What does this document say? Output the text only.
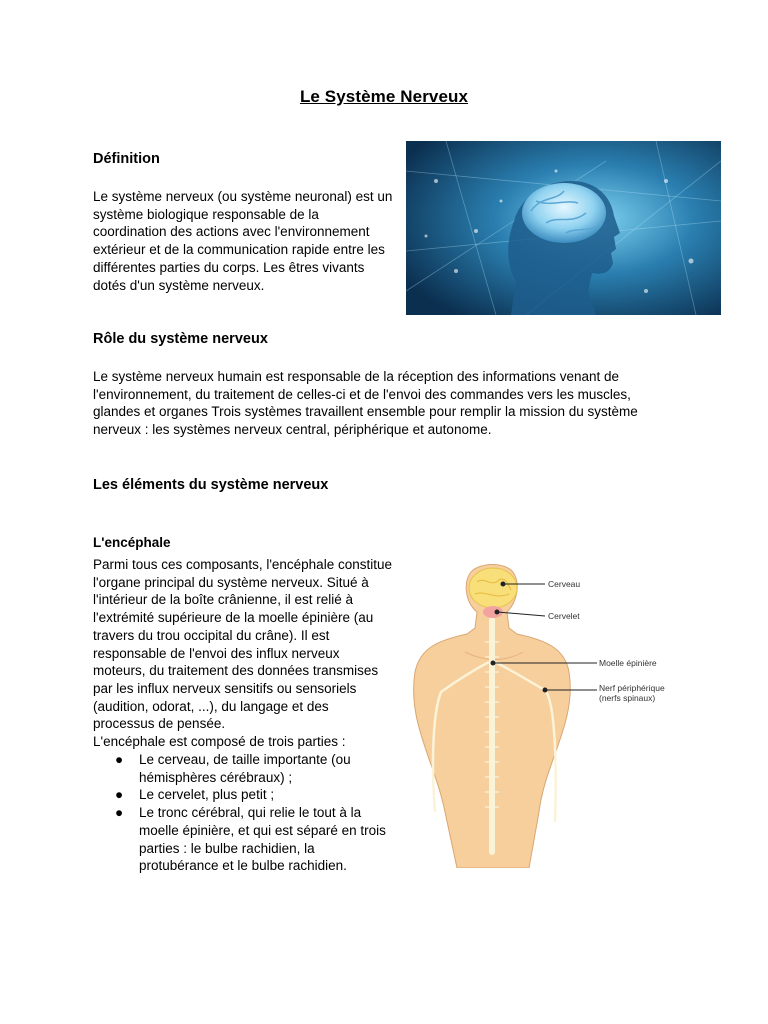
Le Système Nerveux
Définition

Le système nerveux (ou système neuronal) est un système biologique responsable de la coordination des actions avec l'environnement extérieur et de la communication rapide entre les différentes parties du corps. Les êtres vivants dotés d'un système nerveux.

Rôle du système nerveux

Le système nerveux humain est responsable de la réception des informations venant de l'environnement, du traitement de celles-ci et de l'envoi des commandes vers les muscles, glandes et organes Trois systèmes travaillent ensemble pour remplir la mission du système nerveux : les systèmes nerveux central, périphérique et autonome.

Les éléments du système nerveux
L'encéphale

Parmi tous ces composants, l'encéphale constitue l'organe principal du système nerveux. Situé à l'intérieur de la boîte crânienne, il est relié à l'extrémité supérieure de la moelle épinière (au travers du trou occipital du crâne). Il est responsable de l'envoi des influx nerveux moteurs, du traitement des données transmises par les influx nerveux sensitifs ou sensoriels (audition, odorat, ...), du langage et des processus de pensée.

L'encéphale est composé de trois parties :

● Le cerveau, de taille importante (ou hémisphères cérébraux) ;
● Le cervelet, plus petit ;
● Le tronc cérébral, qui relie le tout à la moelle épinière, et qui est séparé en trois parties : le bulbe rachidien, la protubérance et le bulbe rachidien.
Cerveau
Cervelet
Moelle épinière
Nerf périphérique
(nerfs spinaux)
